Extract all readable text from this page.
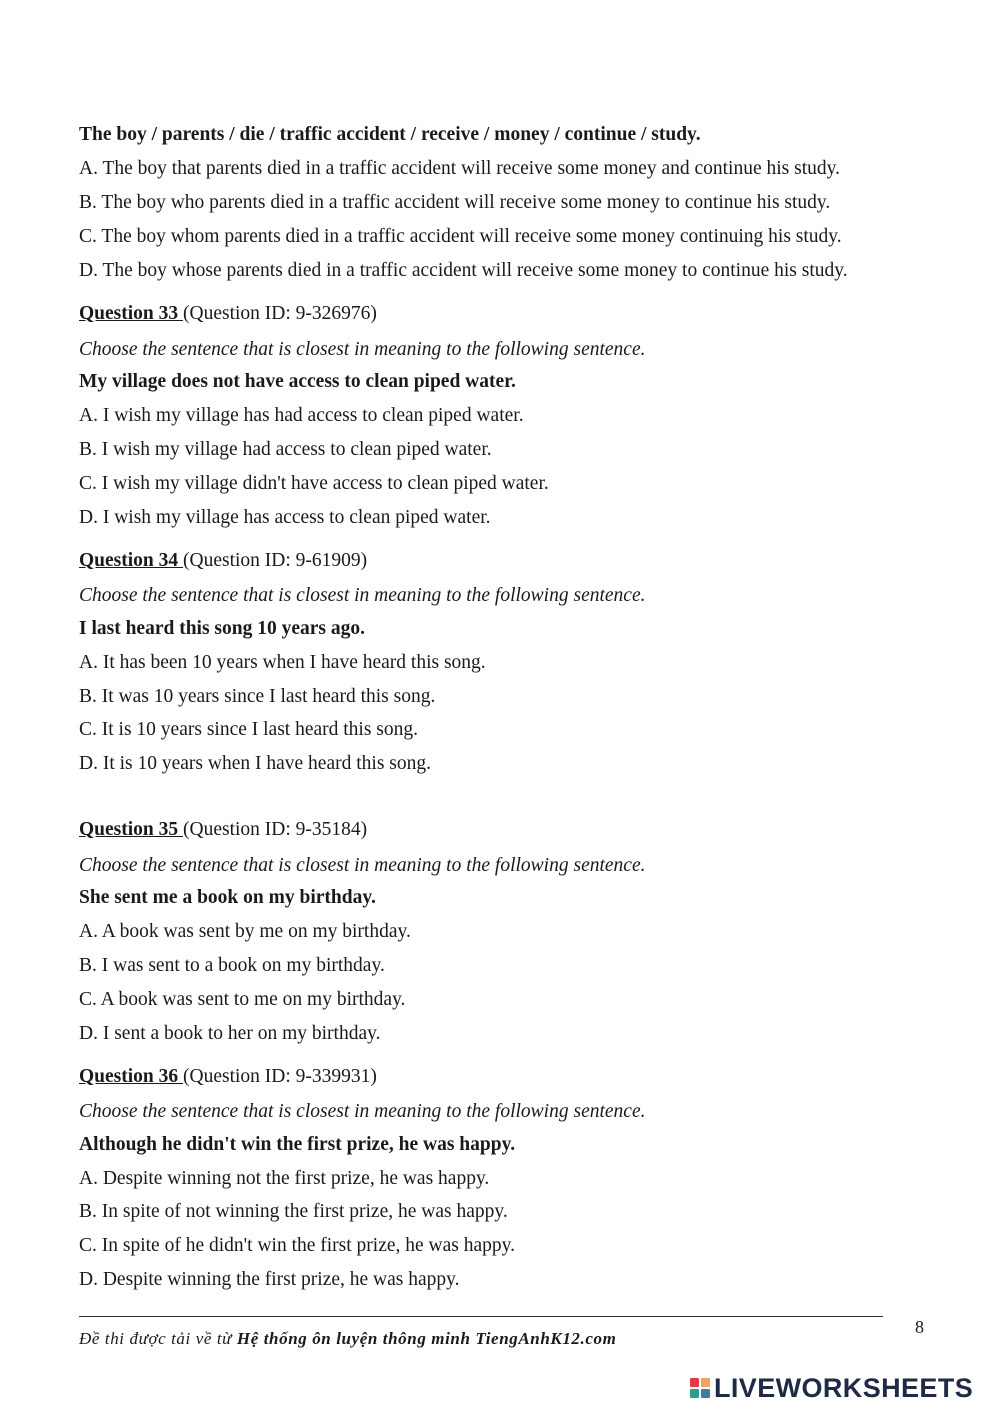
The boy / parents / die / traffic accident / receive / money / continue / study.
A. The boy that parents died in a traffic accident will receive some money and continue his study.
B. The boy who parents died in a traffic accident will receive some money to continue his study.
C. The boy whom parents died in a traffic accident will receive some money continuing his study.
D. The boy whose parents died in a traffic accident will receive some money to continue his study.
Question 33 (Question ID: 9-326976)
Choose the sentence that is closest in meaning to the following sentence.
My village does not have access to clean piped water.
A. I wish my village has had access to clean piped water.
B. I wish my village had access to clean piped water.
C. I wish my village didn't have access to clean piped water.
D. I wish my village has access to clean piped water.
Question 34 (Question ID: 9-61909)
Choose the sentence that is closest in meaning to the following sentence.
I last heard this song 10 years ago.
A. It has been 10 years when I have heard this song.
B. It was 10 years since I last heard this song.
C. It is 10 years since I last heard this song.
D. It is 10 years when I have heard this song.
Question 35 (Question ID: 9-35184)
Choose the sentence that is closest in meaning to the following sentence.
She sent me a book on my birthday.
A. A book was sent by me on my birthday.
B. I was sent to a book on my birthday.
C. A book was sent to me on my birthday.
D. I sent a book to her on my birthday.
Question 36 (Question ID: 9-339931)
Choose the sentence that is closest in meaning to the following sentence.
Although he didn't win the first prize, he was happy.
A. Despite winning not the first prize, he was happy.
B. In spite of not winning the first prize, he was happy.
C. In spite of he didn't win the first prize, he was happy.
D. Despite winning the first prize, he was happy.
8
Đề thi được tải về từ Hệ thống ôn luyện thông minh TiengAnhK12.com
LIVEWORKSHEETS
